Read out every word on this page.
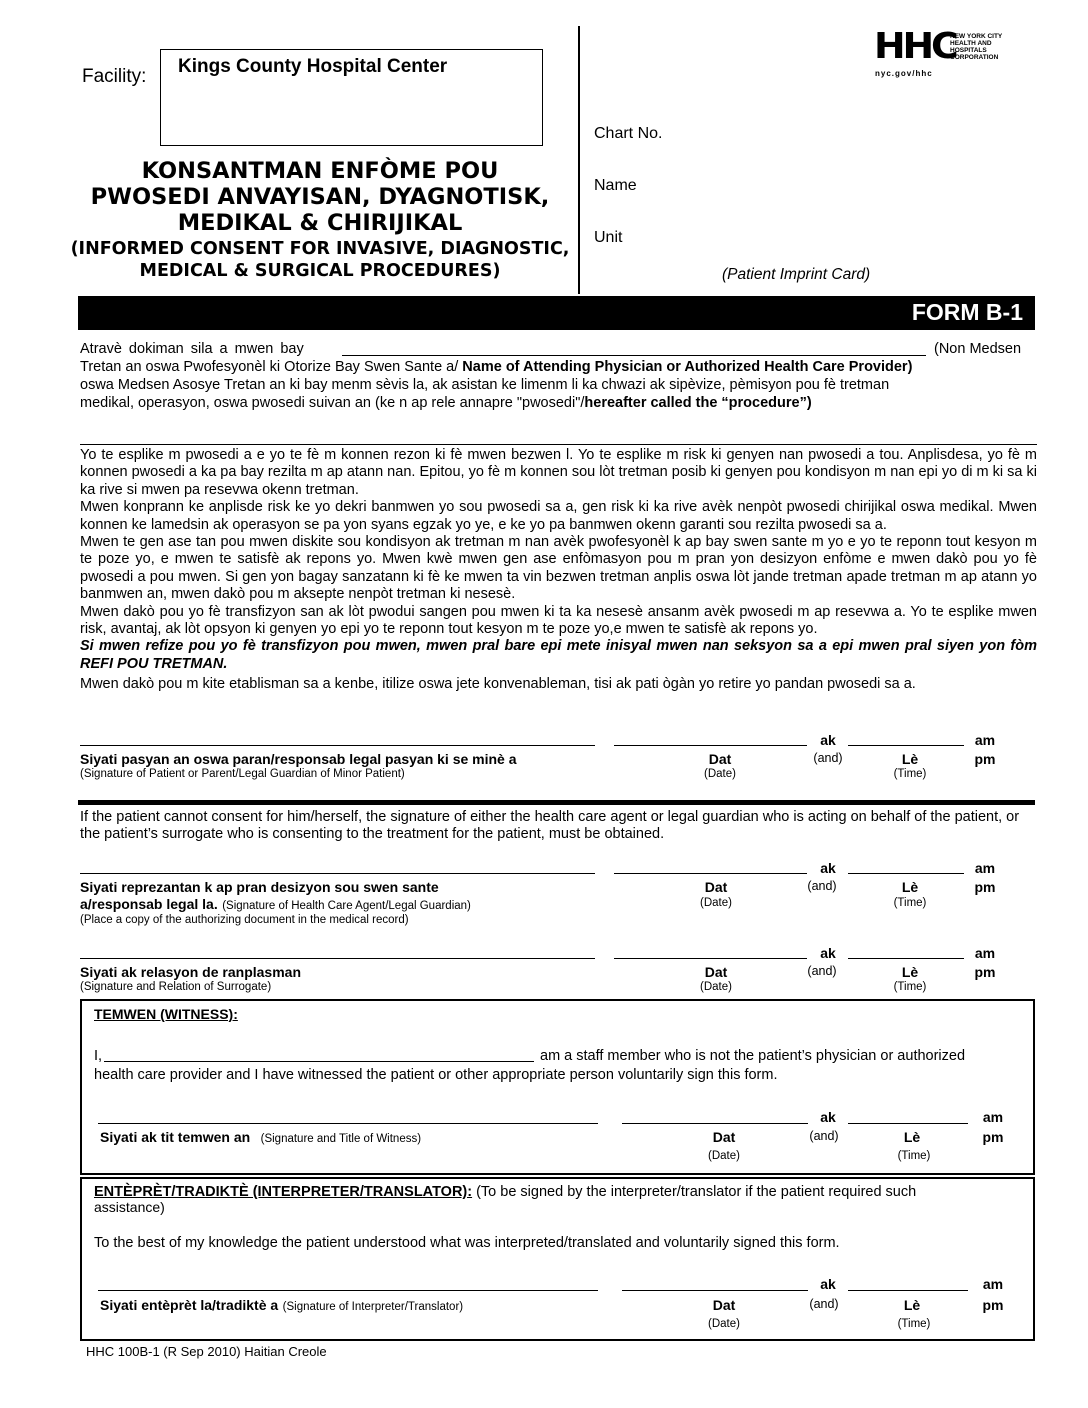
Facility: Kings County Hospital Center
KONSANTMAN ENFÒME POU
PWOSEDI ANVAYISAN, DYAGNOTISK,
MEDIKAL & CHIRIJIKAL
(INFORMED CONSENT FOR INVASIVE, DIAGNOSTIC,
MEDICAL & SURGICAL PROCEDURES)
Chart No.
Name
Unit
(Patient Imprint Card)
HHC
NEW YORK CITY
HEALTH AND
HOSPITALS
CORPORATION
nyc.gov/hhc
FORM B-1
Atravè dokiman sila a mwen bay	(Non Medsen
Tretan an oswa Pwofesyonèl ki Otorize Bay Swen Sante a/ Name of Attending Physician or Authorized Health Care Provider)
oswa Medsen Asosye Tretan an ki bay menm sèvis la, ak asistan ke limenm li ka chwazi ak sipèvize, pèmisyon pou fè tretman
medikal, operasyon, oswa pwosedi suivan an (ke n ap rele annapre "pwosedi"/hereafter called the “procedure”)
Yo te esplike m pwosedi a e yo te fè m konnen rezon ki fè mwen bezwen l. Yo te esplike m risk ki genyen nan pwosedi a tou. Anplisdesa, yo fè m konnen pwosedi a ka pa bay rezilta m ap atann nan. Epitou, yo fè m konnen sou lòt tretman posib ki genyen pou kondisyon m nan epi yo di m ki sa ki ka rive si mwen pa resevwa okenn tretman.
Mwen konprann ke anplisde risk ke yo dekri banmwen yo sou pwosedi sa a, gen risk ki ka rive avèk nenpòt pwosedi chirijikal oswa medikal. Mwen konnen ke lamedsin ak operasyon se pa yon syans egzak yo ye, e ke yo pa banmwen okenn garanti sou rezilta pwosedi sa a.
Mwen te gen ase tan pou mwen diskite sou kondisyon ak tretman m nan avèk pwofesyonèl k ap bay swen sante m yo e yo te reponn tout kesyon m te poze yo, e mwen te satisfè ak repons yo. Mwen kwè mwen gen ase enfòmasyon pou m pran yon desizyon enfòme e mwen dakò pou yo fè pwosedi a pou mwen. Si gen yon bagay sanzatann ki fè ke mwen ta vin bezwen tretman anplis oswa lòt jande tretman apade tretman m ap atann yo banmwen an, mwen dakò pou m aksepte nenpòt tretman ki nesesè.
Mwen dakò pou yo fè transfizyon san ak lòt pwodui sangen pou mwen ki ta ka nesesè ansanm avèk pwosedi m ap resevwa a. Yo te esplike mwen risk, avantaj, ak lòt opsyon ki genyen yo epi yo te reponn tout kesyon m te poze yo,e mwen te satisfè ak repons yo.
Si mwen refize pou yo fè transfizyon pou mwen, mwen pral bare epi mete inisyal mwen nan seksyon sa a epi mwen pral siyen yon fòm REFI POU TRETMAN.
Mwen dakò pou m kite etablisman sa a kenbe, itilize oswa jete konvenableman, tisi ak pati ògàn yo retire yo pandan pwosedi sa a.
ak	am
Siyati pasyan an oswa paran/responsab legal pasyan ki se minè a
(Signature of Patient or Parent/Legal Guardian of Minor Patient)
Dat
(Date)
(and)	Lè
(Time)
pm
If the patient cannot consent for him/herself, the signature of either the health care agent or legal guardian who is acting on behalf of the patient, or the patient’s surrogate who is consenting to the treatment for the patient, must be obtained.
ak	am
Siyati reprezantan k ap pran desizyon sou swen sante
a/responsab legal la. (Signature of Health Care Agent/Legal Guardian)
(Place a copy of the authorizing document in the medical record)
Dat
(Date)
(and)	Lè
(Time)
pm
ak	am
Siyati ak relasyon de ranplasman
(Signature and Relation of Surrogate)
Dat
(Date)
(and)	Lè
(Time)
pm
TEMWEN (WITNESS):
I,	am a staff member who is not the patient’s physician or authorized
health care provider and I have witnessed the patient or other appropriate person voluntarily sign this form.
ak	am
Siyati ak tit temwen an (Signature and Title of Witness)	Dat
(Date)
(and)	Lè
(Time)
pm
ENTÈPRÈT/TRADIKTÈ (INTERPRETER/TRANSLATOR): (To be signed by the interpreter/translator if the patient required such
assistance)
To the best of my knowledge the patient understood what was interpreted/translated and voluntarily signed this form.
ak	am
Siyati entèprèt la/tradiktè a (Signature of Interpreter/Translator)	Dat
(Date)
(and)	Lè
(Time)
pm
HHC 100B-1 (R Sep 2010) Haitian Creole
